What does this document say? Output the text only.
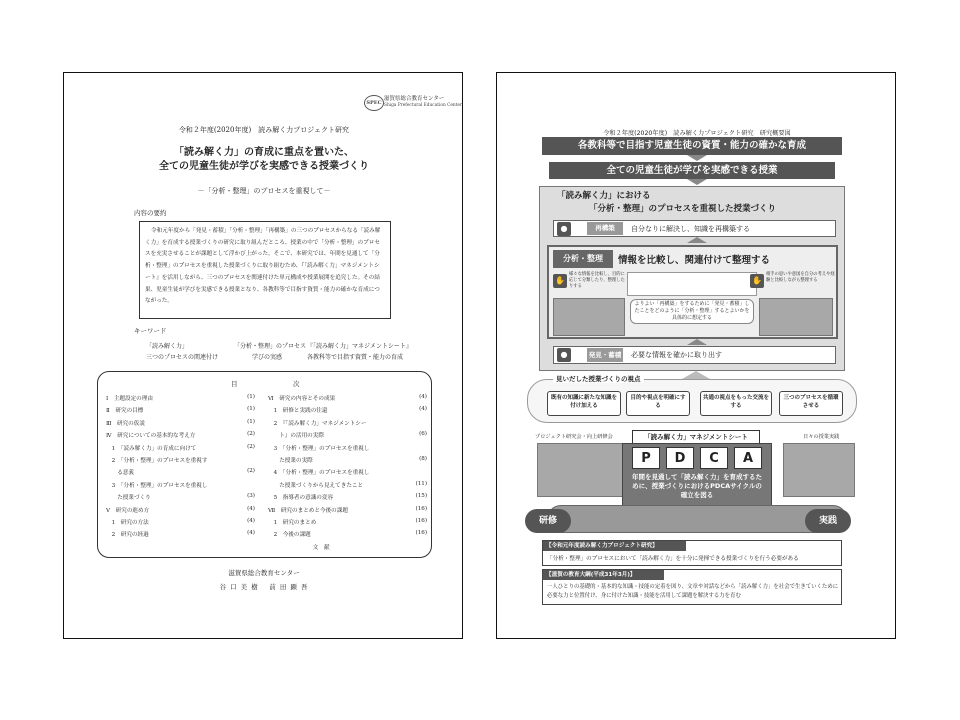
SPEC
滋賀県総合教育センター
Shiga Prefectural Education Center
令和２年度(2020年度)　読み解く力プロジェクト研究
「読み解く力」の育成に重点を置いた、
全ての児童生徒が学びを実感できる授業づくり
－「分析・整理」のプロセスを重視して－
内容の要約
令和元年度から「発見・蓄積」「分析・整理」「再構築」の三つのプロセスからなる「読み解く力」を育成する授業づくりの研究に取り組んだところ、授業の中で「分析・整理」のプロセスを充実させることが課題として浮かび上がった。そこで、本研究では、年間を見通して「分析・整理」のプロセスを重視した授業づくりに取り組むため、『「読み解く力」マネジメントシート』を活用しながら、三つのプロセスを関連付けた単元構成や授業展開を追究した。その結果、児童生徒が学びを実感できる授業となり、各教科等で目指す資質・能力の確かな育成につながった。
キーワード
「読み解く力」	「分析・整理」のプロセス 『「読み解く力」マネジメントシート』
三つのプロセスの関連付け	学びの実感	各教科等で目指す資質・能力の育成
目	次
Ⅰ　主題設定の理由	(1)
Ⅱ　研究の目標	(1)
Ⅲ　研究の仮説	(1)
Ⅳ　研究についての基本的な考え方	(2)
　1　「読み解く力」の育成に向けて	(2)
　2　「分析・整理」のプロセスを重視す
　　る意義	(2)
　3　「分析・整理」のプロセスを重視し
　　た授業づくり	(3)
Ⅴ　研究の進め方	(4)
　1　研究の方法	(4)
　2　研究の経過	(4)
Ⅵ　研究の内容とその成果	(4)
　1　研修と実践の往還	(4)
　2　『「読み解く力」マネジメントシー
　　ト』の活用の実際	(6)
　3　「分析・整理」のプロセスを重視し
　　た授業の実際	(8)
　4　「分析・整理」のプロセスを重視し
　　た授業づくりから見えてきたこと	(11)
　5　指導者の意識の変容	(15)
Ⅶ　研究のまとめと今後の課題	(16)
　1　研究のまとめ	(16)
　2　今後の課題	(16)
　　　　　　　　文　献
滋賀県総合教育センター
谷 口 美 樹　 前 田 顕 吾
令和２年度(2020年度)　読み解く力プロジェクト研究　研究概要図
各教科等で目指す児童生徒の資質・能力の確かな育成
全ての児童生徒が学びを実感できる授業
「読み解く力」における
「分析・整理」のプロセスを重視した授業づくり
●	再構築	自分なりに解決し、知識を再構築する
分析・整理	情報を比較し、関連付けて整理する
✋
様々な情報を比較し、目的に応じて分類したり、整理したりする
✋
相手の思いや意図を自分の考えや経験と比較しながら整理する
よりよい「再構築」をするために「発見・蓄積」したことをどのように「分析・整理」するとよいかを具体的に想定する
●	発見・蓄積 必要な情報を確かに取り出す
見いだした授業づくりの視点
既有の知識に新たな知識を付け加える
目的や視点を明確にする
共通の視点をもった交流をする
三つのプロセスを循環させる
プロジェクト研究会・向上研修会	日々の授業実践
「読み解く力」マネジメントシート
P	D	C	A
年間を見通して「読み解く力」を育成するために、授業づくりにおけるPDCAサイクルの確立を図る
研修	実践
【令和元年度読み解く力プロジェクト研究】
「分析・整理」のプロセスにおいて「読み解く力」を十分に発揮できる授業づくりを行う必要がある
【滋賀の教育大綱(平成31年3月)】
一人ひとりの基礎的・基本的な知識・技能の定着を図り、文章や対話などから「読み解く力」を社会で生きていくために必要な力と位置付け、身に付けた知識・技能を活用して課題を解決する力を育む
